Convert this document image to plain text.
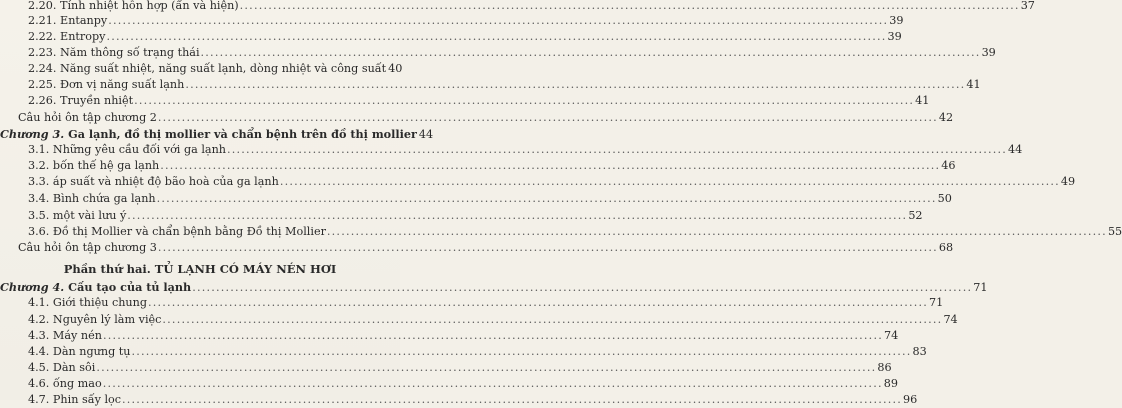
2.20. Tính nhiệt hỗn hợp (ẩn và hiện) .....	37
2.21. Entanpy .....	39
2.22. Entropy .....	39
2.23. Năm thông số trạng thái .....	39
2.24. Năng suất nhiệt, năng suất lạnh, dòng nhiệt và công suất 40
2.25. Đơn vị năng suất lạnh .....	41
2.26. Truyền nhiệt .....	41
Câu hỏi ôn tập chương 2 .....	42
Chương 3. Ga lạnh, đồ thị mollier và chẩn bệnh trên đồ thị mollier 44
3.1. Những yêu cầu đối với ga lạnh .....	44
3.2. bốn thế hệ ga lạnh .....	46
3.3. áp suất và nhiệt độ bão hoà của ga lạnh .....	49
3.4. Bình chứa ga lạnh .....	50
3.5. một vài lưu ý .....	52
3.6. Đồ thị Mollier và chẩn bệnh bằng Đồ thị Mollier .....	55
Câu hỏi ôn tập chương 3 .....	68
Phần thứ hai. TỦ LẠNH CÓ MÁY NÉN HƠI
Chương 4. Cấu tạo của tủ lạnh .....	71
4.1. Giới thiệu chung .....	71
4.2. Nguyên lý làm việc .....	74
4.3. Máy nén .....	74
4.4. Dàn ngưng tụ .....	83
4.5. Dàn sôi .....	86
4.6. ống mao .....	89
4.7. Phin sấy lọc .....	96
